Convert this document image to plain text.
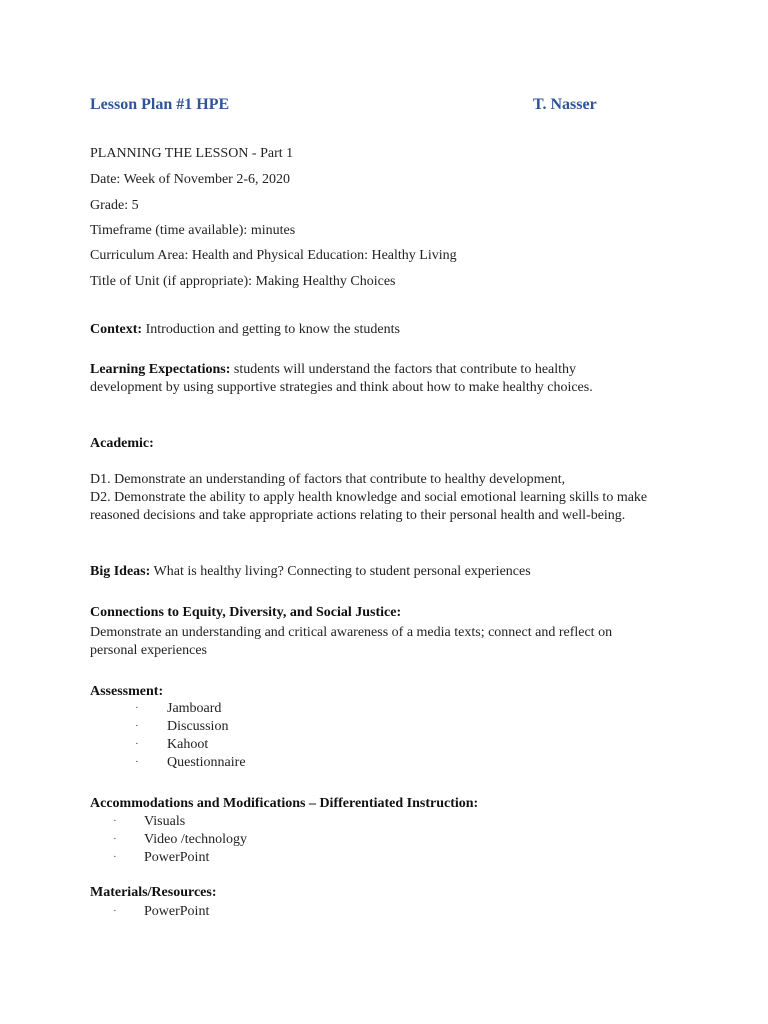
Lesson Plan #1 HPE	T. Nasser
PLANNING THE LESSON - Part 1
Date: Week of November 2-6, 2020
Grade: 5
Timeframe (time available): minutes
Curriculum Area: Health and Physical Education: Healthy Living
Title of Unit (if appropriate): Making Healthy Choices
Context: Introduction and getting to know the students
Learning Expectations: students will understand the factors that contribute to healthy
development by using supportive strategies and think about how to make healthy choices.
Academic:
D1. Demonstrate an understanding of factors that contribute to healthy development,
D2. Demonstrate the ability to apply health knowledge and social emotional learning skills to make reasoned decisions and take appropriate actions relating to their personal health and well-being.
Big Ideas: What is healthy living? Connecting to student personal experiences
Connections to Equity, Diversity, and Social Justice:
Demonstrate an understanding and critical awareness of a media texts; connect and reflect on personal experiences
Assessment:
· Jamboard
· Discussion
· Kahoot
· Questionnaire
Accommodations and Modifications – Differentiated Instruction:
· Visuals
· Video /technology
· PowerPoint
Materials/Resources:
· PowerPoint
